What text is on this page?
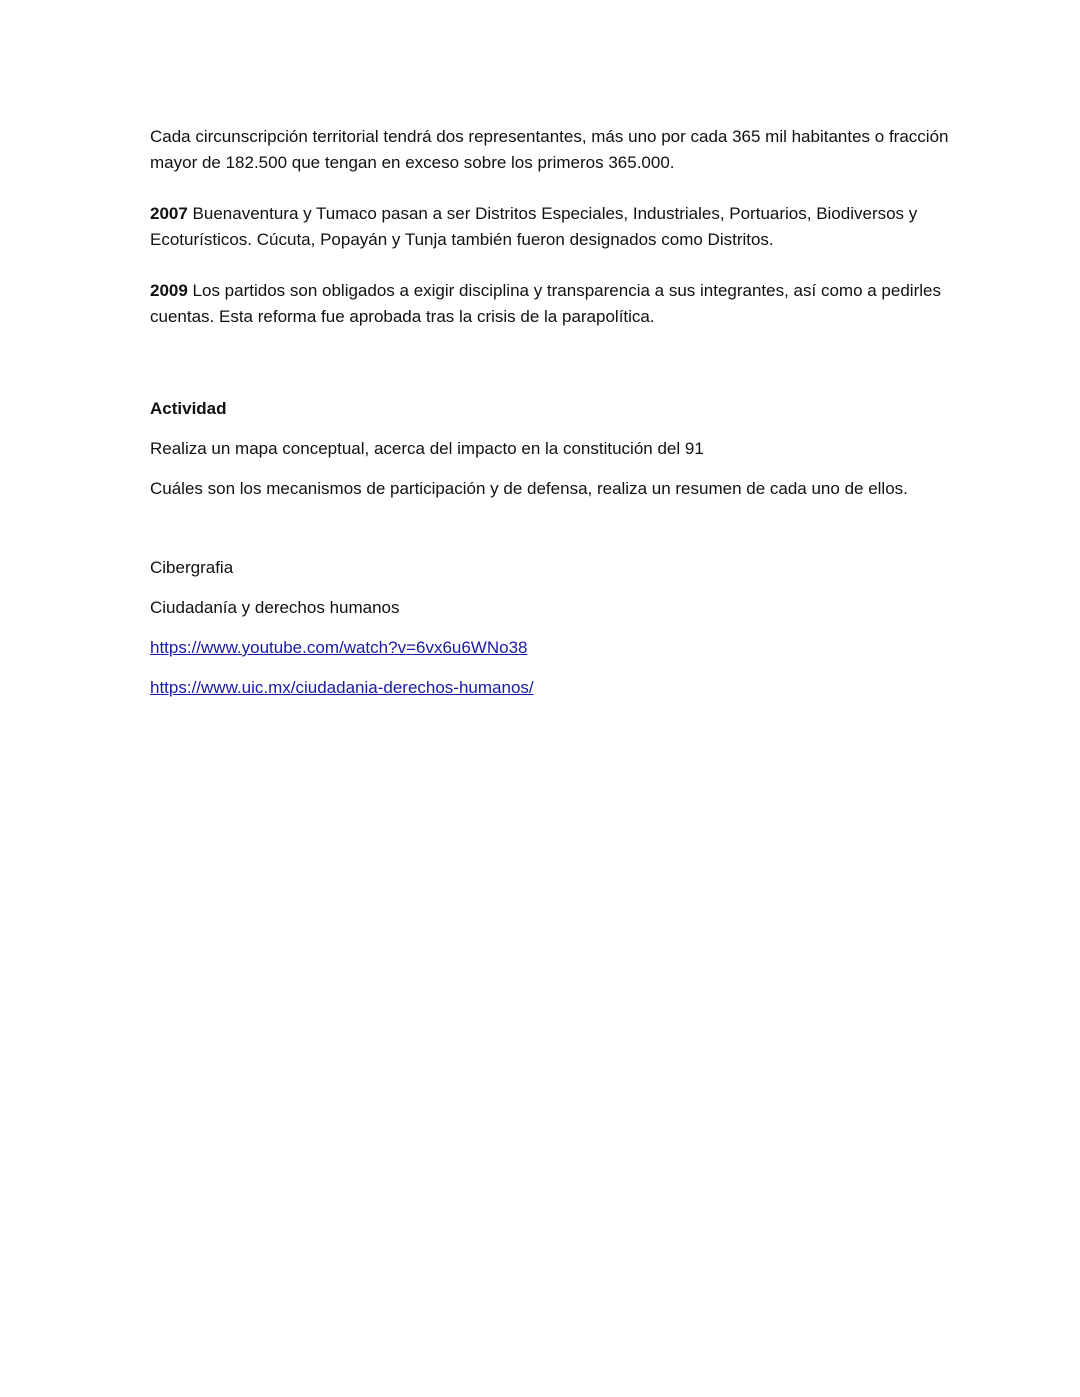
Cada circunscripción territorial tendrá dos representantes, más uno por cada 365 mil habitantes o fracción mayor de 182.500 que tengan en exceso sobre los primeros 365.000.

2007 Buenaventura y Tumaco pasan a ser Distritos Especiales, Industriales, Portuarios, Biodiversos y Ecoturísticos. Cúcuta, Popayán y Tunja también fueron designados como Distritos.

2009 Los partidos son obligados a exigir disciplina y transparencia a sus integrantes, así como a pedirles cuentas. Esta reforma fue aprobada tras la crisis de la parapolítica.

Actividad

Realiza un mapa conceptual, acerca del impacto en la constitución del 91

Cuáles son los mecanismos de participación y de defensa, realiza un resumen de cada uno de ellos.

Cibergrafia

Ciudadanía y derechos humanos

https://www.youtube.com/watch?v=6vx6u6WNo38
https://www.uic.mx/ciudadania-derechos-humanos/
